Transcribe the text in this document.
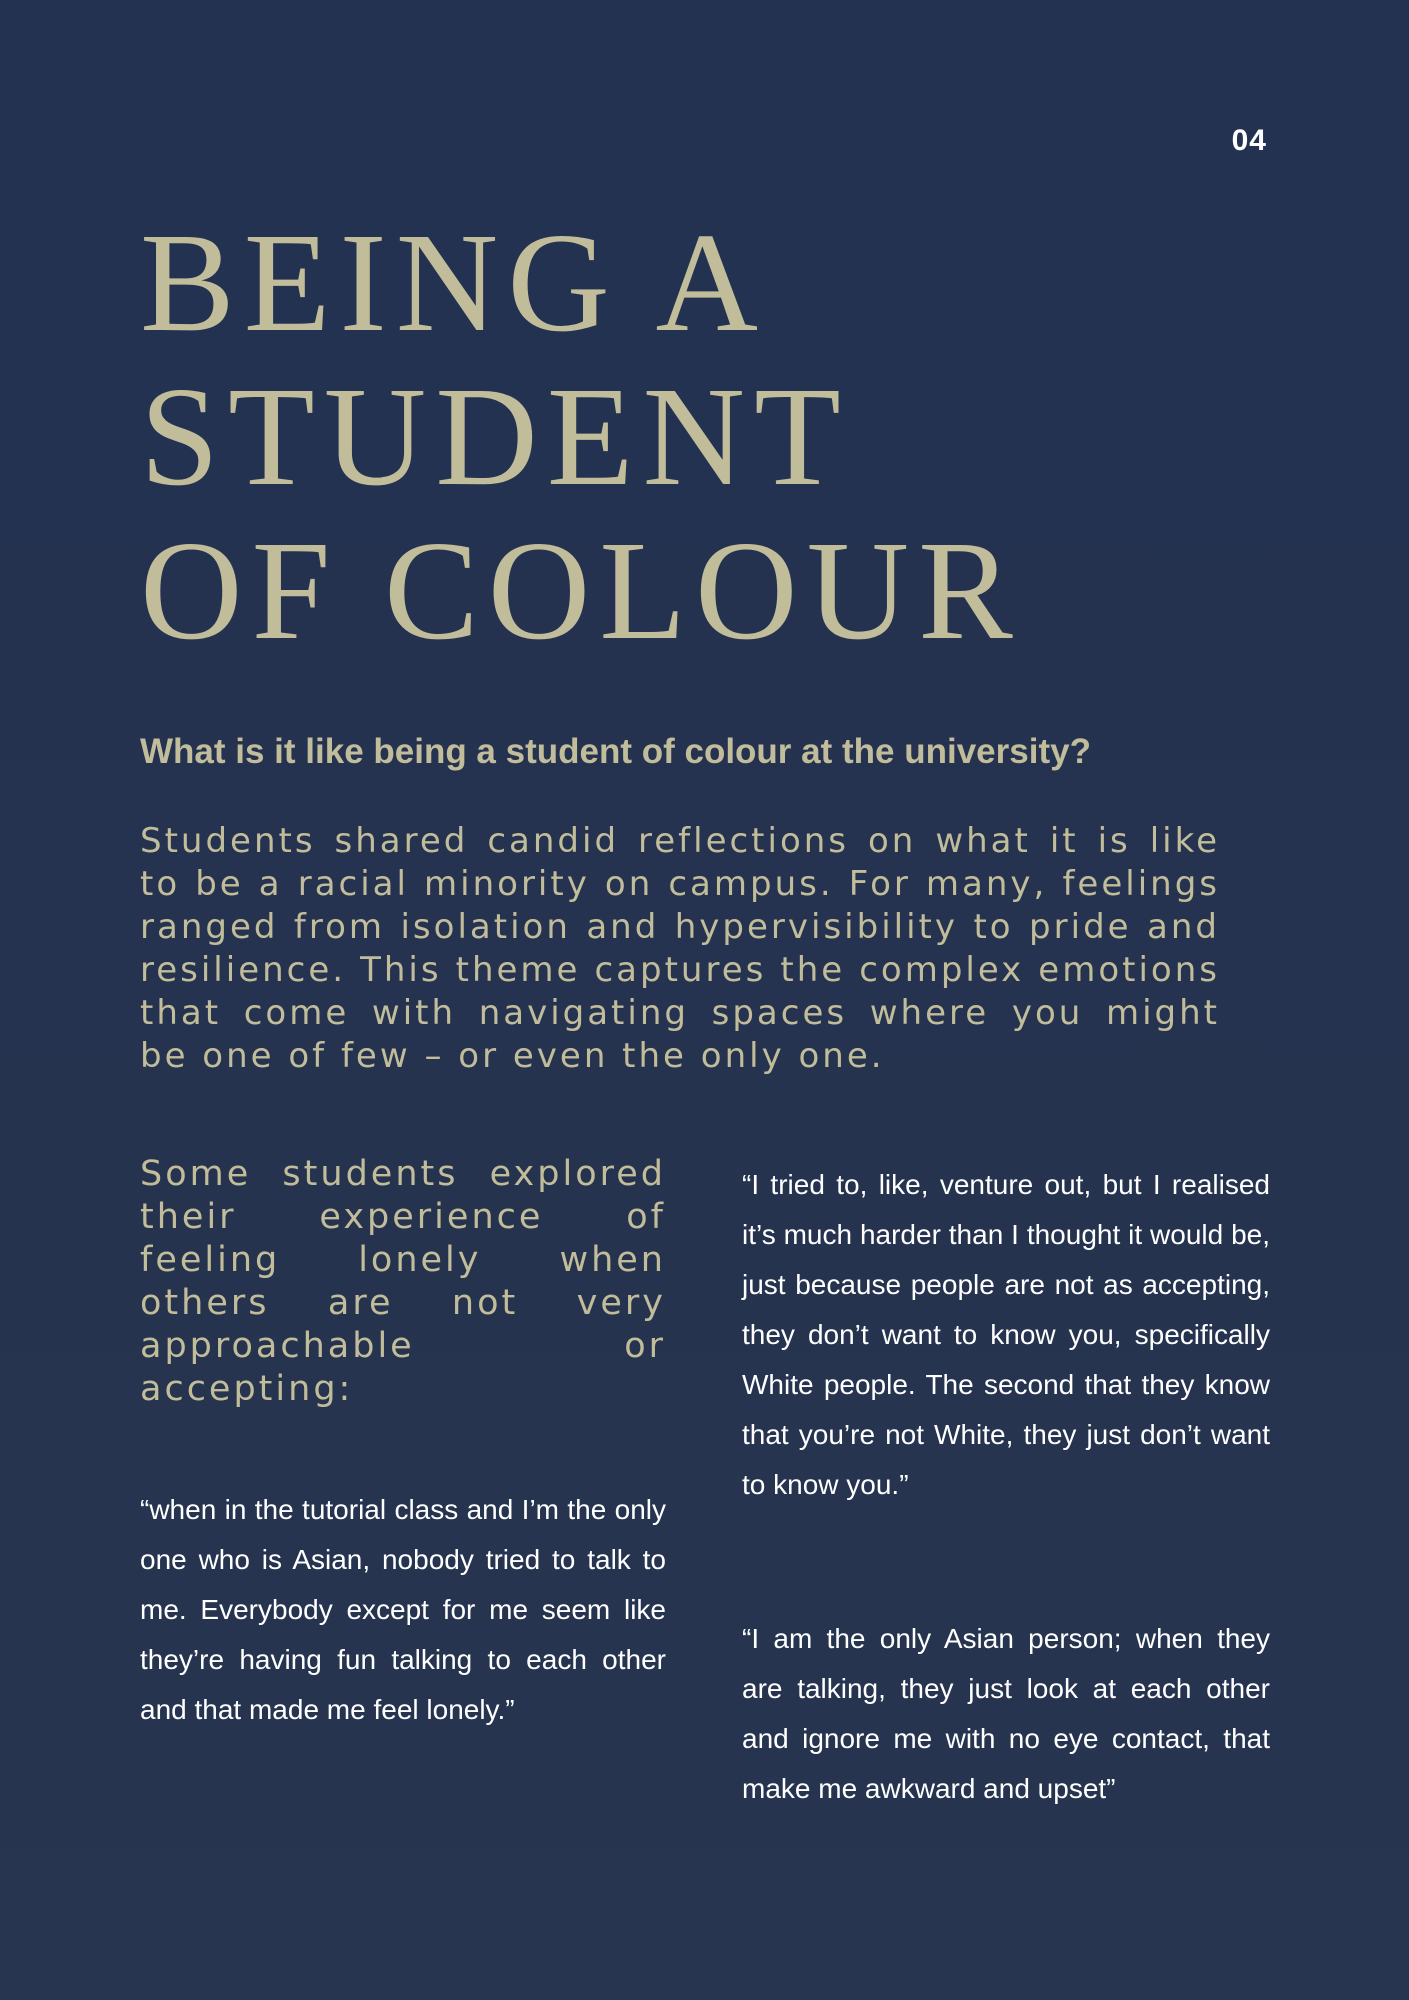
04
BEING A
STUDENT
OF COLOUR
What is it like being a student of colour at the university?

Students shared candid reflections on what it is like to be a racial minority on campus. For many, feelings ranged from isolation and hypervisibility to pride and resilience. This theme captures the complex emotions that come with navigating spaces where you might be one of few – or even the only one.

Some students explored their experience of feeling lonely when others are not very approachable or accepting:

“when in the tutorial class and I’m the only one who is Asian, nobody tried to talk to me. Everybody except for me seem like they’re having fun talking to each other and that made me feel lonely.”

“I tried to, like, venture out, but I realised it’s much harder than I thought it would be, just because people are not as accepting, they don’t want to know you, specifically White people. The second that they know that you’re not White, they just don’t want to know you.”

“I am the only Asian person; when they are talking, they just look at each other and ignore me with no eye contact, that make me awkward and upset”
